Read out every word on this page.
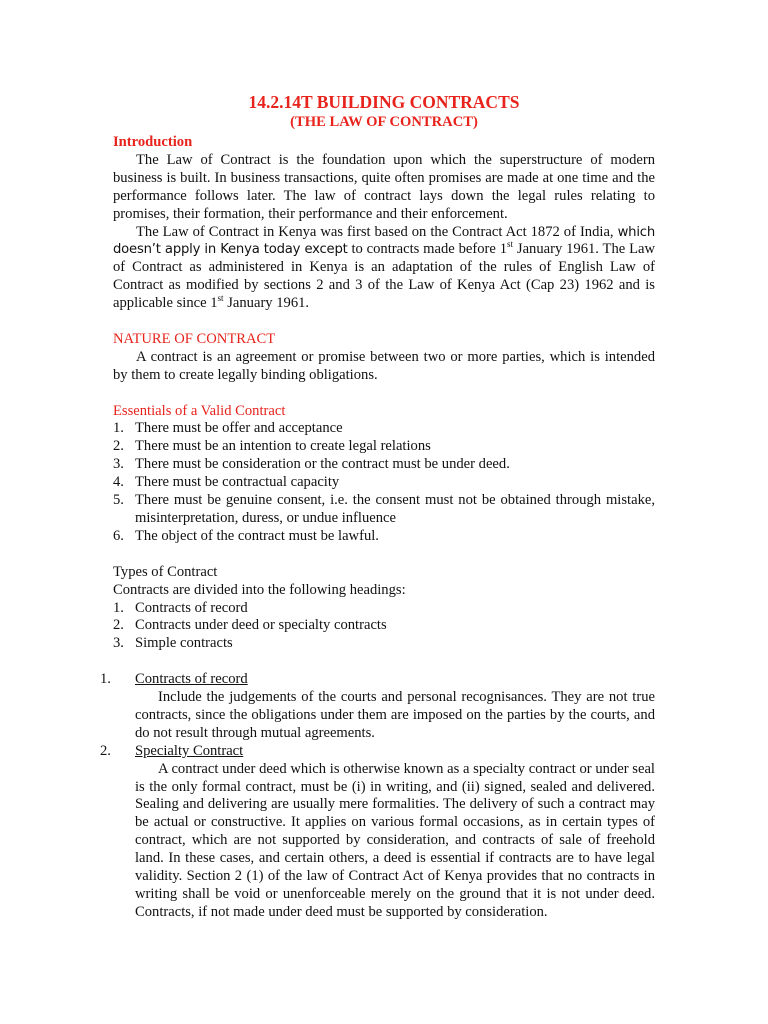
14.2.14T BUILDING CONTRACTS
(THE LAW OF CONTRACT)
Introduction

The Law of Contract is the foundation upon which the superstructure of modern business is built. In business transactions, quite often promises are made at one time and the performance follows later. The law of contract lays down the legal rules relating to promises, their formation, their performance and their enforcement.

The Law of Contract in Kenya was first based on the Contract Act 1872 of India, which doesn’t apply in Kenya today except to contracts made before 1st January 1961. The Law of Contract as administered in Kenya is an adaptation of the rules of English Law of Contract as modified by sections 2 and 3 of the Law of Kenya Act (Cap 23) 1962 and is applicable since 1st January 1961.

NATURE OF CONTRACT

A contract is an agreement or promise between two or more parties, which is intended by them to create legally binding obligations.

Essentials of a Valid Contract
1. There must be offer and acceptance
2. There must be an intention to create legal relations
3. There must be consideration or the contract must be under deed.
4. There must be contractual capacity
5. There must be genuine consent, i.e. the consent must not be obtained through mistake, misinterpretation, duress, or undue influence
6. The object of the contract must be lawful.
Types of Contract
Contracts are divided into the following headings:
1. Contracts of record
2. Contracts under deed or specialty contracts
3. Simple contracts
1. Contracts of record

Include the judgements of the courts and personal recognisances. They are not true contracts, since the obligations under them are imposed on the parties by the courts, and do not result through mutual agreements.

2. Specialty Contract

A contract under deed which is otherwise known as a specialty contract or under seal is the only formal contract, must be (i) in writing, and (ii) signed, sealed and delivered. Sealing and delivering are usually mere formalities. The delivery of such a contract may be actual or constructive. It applies on various formal occasions, as in certain types of contract, which are not supported by consideration, and contracts of sale of freehold land. In these cases, and certain others, a deed is essential if contracts are to have legal validity. Section 2 (1) of the law of Contract Act of Kenya provides that no contracts in writing shall be void or unenforceable merely on the ground that it is not under deed. Contracts, if not made under deed must be supported by consideration.
